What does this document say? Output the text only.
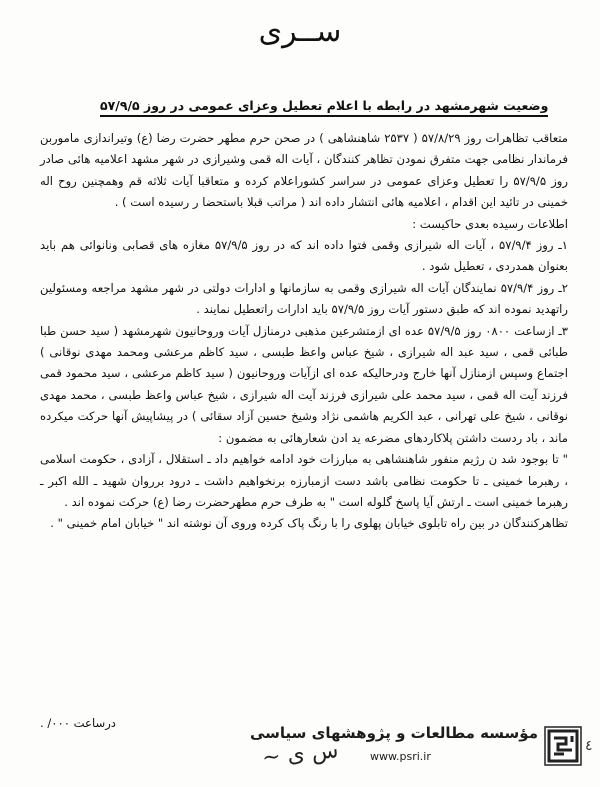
ســری
وضعیت شهرمشهد در رابطه با اعلام تعطیل وعزای عمومی در روز ۵۷/۹/۵

متعاقب تظاهرات روز ۵۷/۸/۲۹ ( ۲۵۳۷ شاهنشاهی ) در صحن حرم مطهر حضرت رضا (ع) وتیراندازی ماموربن فرماندار نظامی جهت متفرق نمودن تظاهر کنندگان ، آیات اله قمی وشیرازی در شهر مشهد اعلامیه هائی صادر روز ۵۷/۹/۵ را تعطیل وعزای عمومی در سراسر کشوراعلام کرده و متعاقبا آیات ثلاثه قم وهمچنین روح اله خمینی در تائید این اقدام ، اعلامیه هائی انتشار داده اند ( مراتب قبلا باستحضا ر رسیده است ) .

اطلاعات رسیده بعدی حاکیست :

۱ـ روز ۵۷/۹/۴ ، آیات اله شیرازی وقمی فتوا داده اند که در روز ۵۷/۹/۵ مغازه های قصابی ونانوائی هم باید بعنوان همدردی ، تعطیل شود .

۲ـ روز ۵۷/۹/۴ نمایندگان آیات اله شیرازی وقمی به سازمانها و ادارات دولتی در شهر مشهد مراجعه ومسئولین راتهدید نموده اند که طبق دستور آیات روز ۵۷/۹/۵ باید ادارات راتعطیل نمایند .

۳ـ ازساعت ۰۸۰۰ روز ۵۷/۹/۵ عده ای ازمتشرعین مذهبی درمنازل آیات وروحانیون شهرمشهد ( سید حسن طبا طبائی قمی ، سید عبد اله شیرازی ، شیخ عباس واعظ طبسی ، سید کاظم مرعشی ومحمد مهدی نوقانی ) اجتماع وسپس ازمنازل آنها خارج ودرحالیکه عده ای ازآیات وروحانیون ( سید کاظم مرعشی ، سید محمود قمی فرزند آیت اله قمی ، سید محمد علی شیرازی فرزند آیت اله شیرازی ، شیخ عباس واعظ طبسی ، محمد مهدی نوقانی ، شیخ علی تهرانی ، عبد الکریم هاشمی نژاد وشیخ حسین آزاد سقائی ) در پیشاپیش آنها حرکت میکرده ماند ، باد ردست داشتن پلاکاردهای مضرعه ید ادن شعارهائی به مضمون :

" تا بوجود شد ن رژیم منفور شاهنشاهی به مبارزات خود ادامه خواهیم داد ـ استقلال ، آزادی ، حکومت اسلامی ، رهبرما خمینی ـ تا حکومت نظامی باشد دست ازمبارزه برنخواهیم داشت ـ درود برروان شهید ـ الله اکبر ـ رهبرما خمینی است ـ ارتش آیا پاسخ گلوله است " به طرف حرم مطهرحضرت رضا (ع) حرکت نموده اند .

تظاهرکنندگان در بین راه تابلوی خیابان پهلوی را با رنگ پاک کرده وروی آن نوشته اند " خیابان امام خمینی " .

درساعت ۰۰۰/ .
~ س ی
مؤسسه مطالعات و پژوهشهای سیاسی
www.psri.ir
٤
